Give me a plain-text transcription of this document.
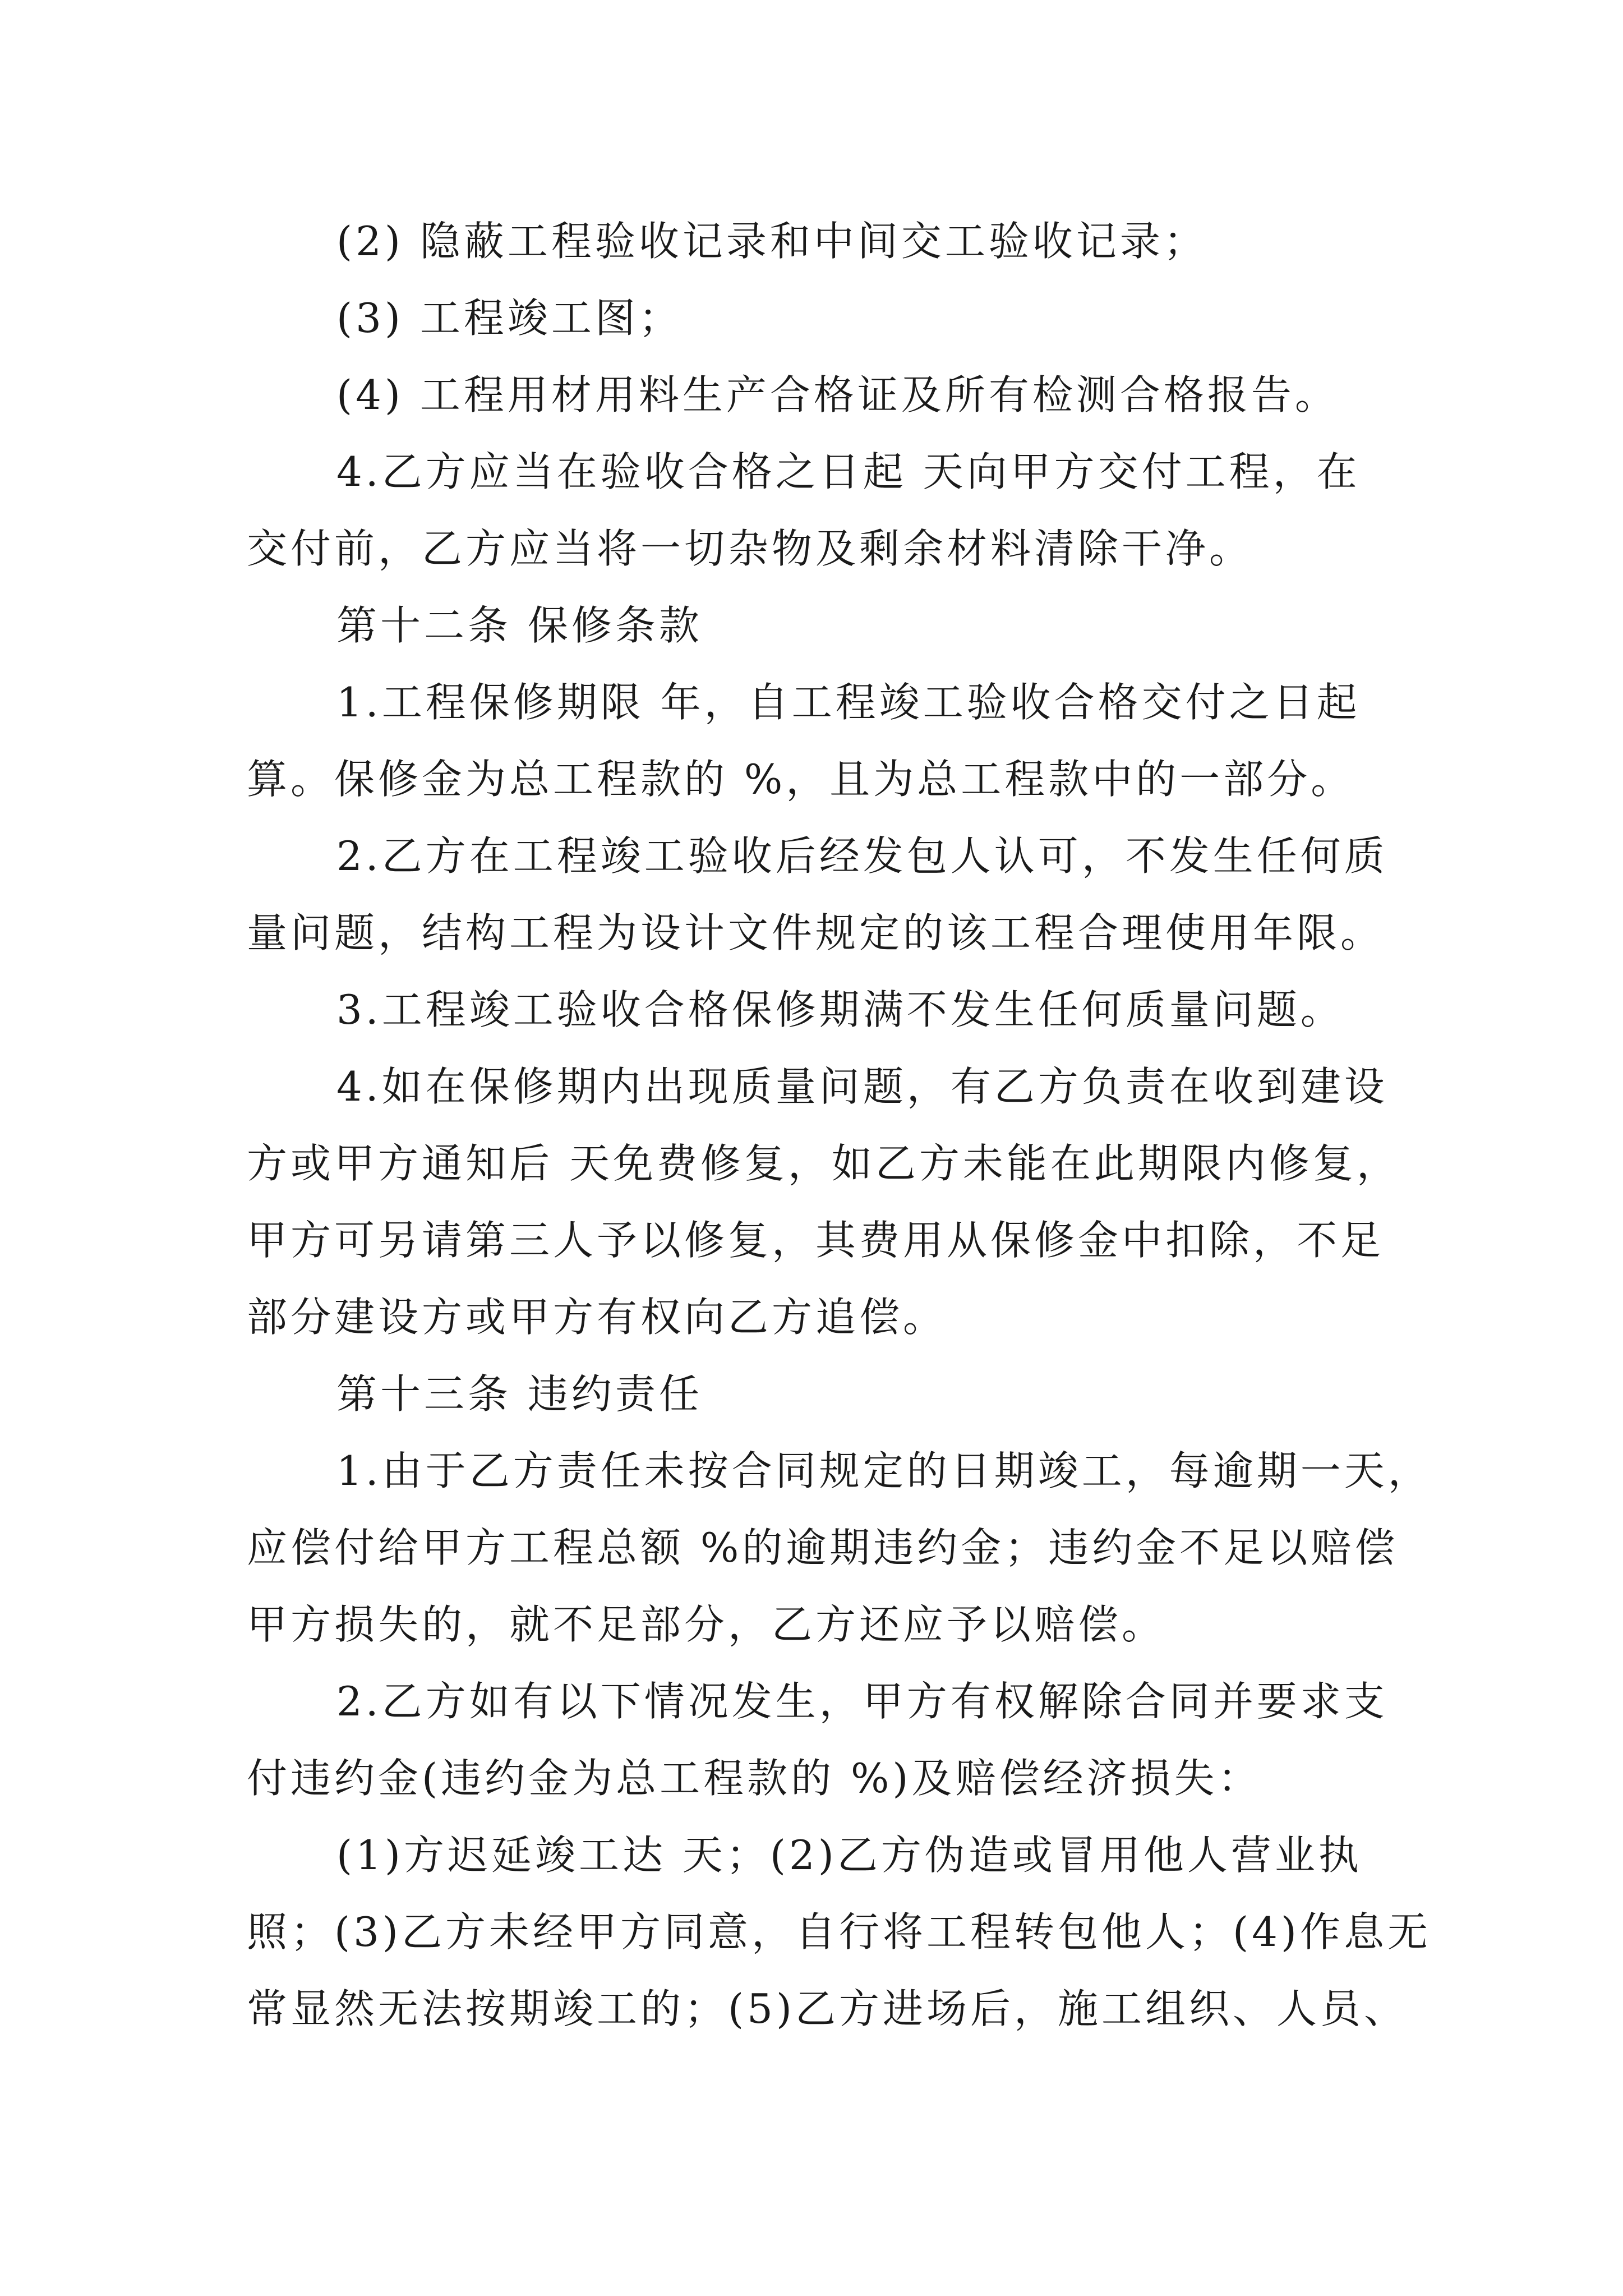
(2) 隐蔽工程验收记录和中间交工验收记录；
(3) 工程竣工图；
(4) 工程用材用料生产合格证及所有检测合格报告。
4.乙方应当在验收合格之日起 天向甲方交付工程，在
交付前，乙方应当将一切杂物及剩余材料清除干净。
第十二条 保修条款
1.工程保修期限 年，自工程竣工验收合格交付之日起
算。保修金为总工程款的 %，且为总工程款中的一部分。
2.乙方在工程竣工验收后经发包人认可，不发生任何质
量问题，结构工程为设计文件规定的该工程合理使用年限。
3.工程竣工验收合格保修期满不发生任何质量问题。
4.如在保修期内出现质量问题，有乙方负责在收到建设
方或甲方通知后 天免费修复，如乙方未能在此期限内修复，
甲方可另请第三人予以修复，其费用从保修金中扣除，不足
部分建设方或甲方有权向乙方追偿。
第十三条 违约责任
1.由于乙方责任未按合同规定的日期竣工，每逾期一天，
应偿付给甲方工程总额 %的逾期违约金；违约金不足以赔偿
甲方损失的，就不足部分，乙方还应予以赔偿。
2.乙方如有以下情况发生，甲方有权解除合同并要求支
付违约金(违约金为总工程款的 %)及赔偿经济损失：
(1)方迟延竣工达 天；(2)乙方伪造或冒用他人营业执
照；(3)乙方未经甲方同意，自行将工程转包他人；(4)作息无
常显然无法按期竣工的；(5)乙方进场后，施工组织、人员、
